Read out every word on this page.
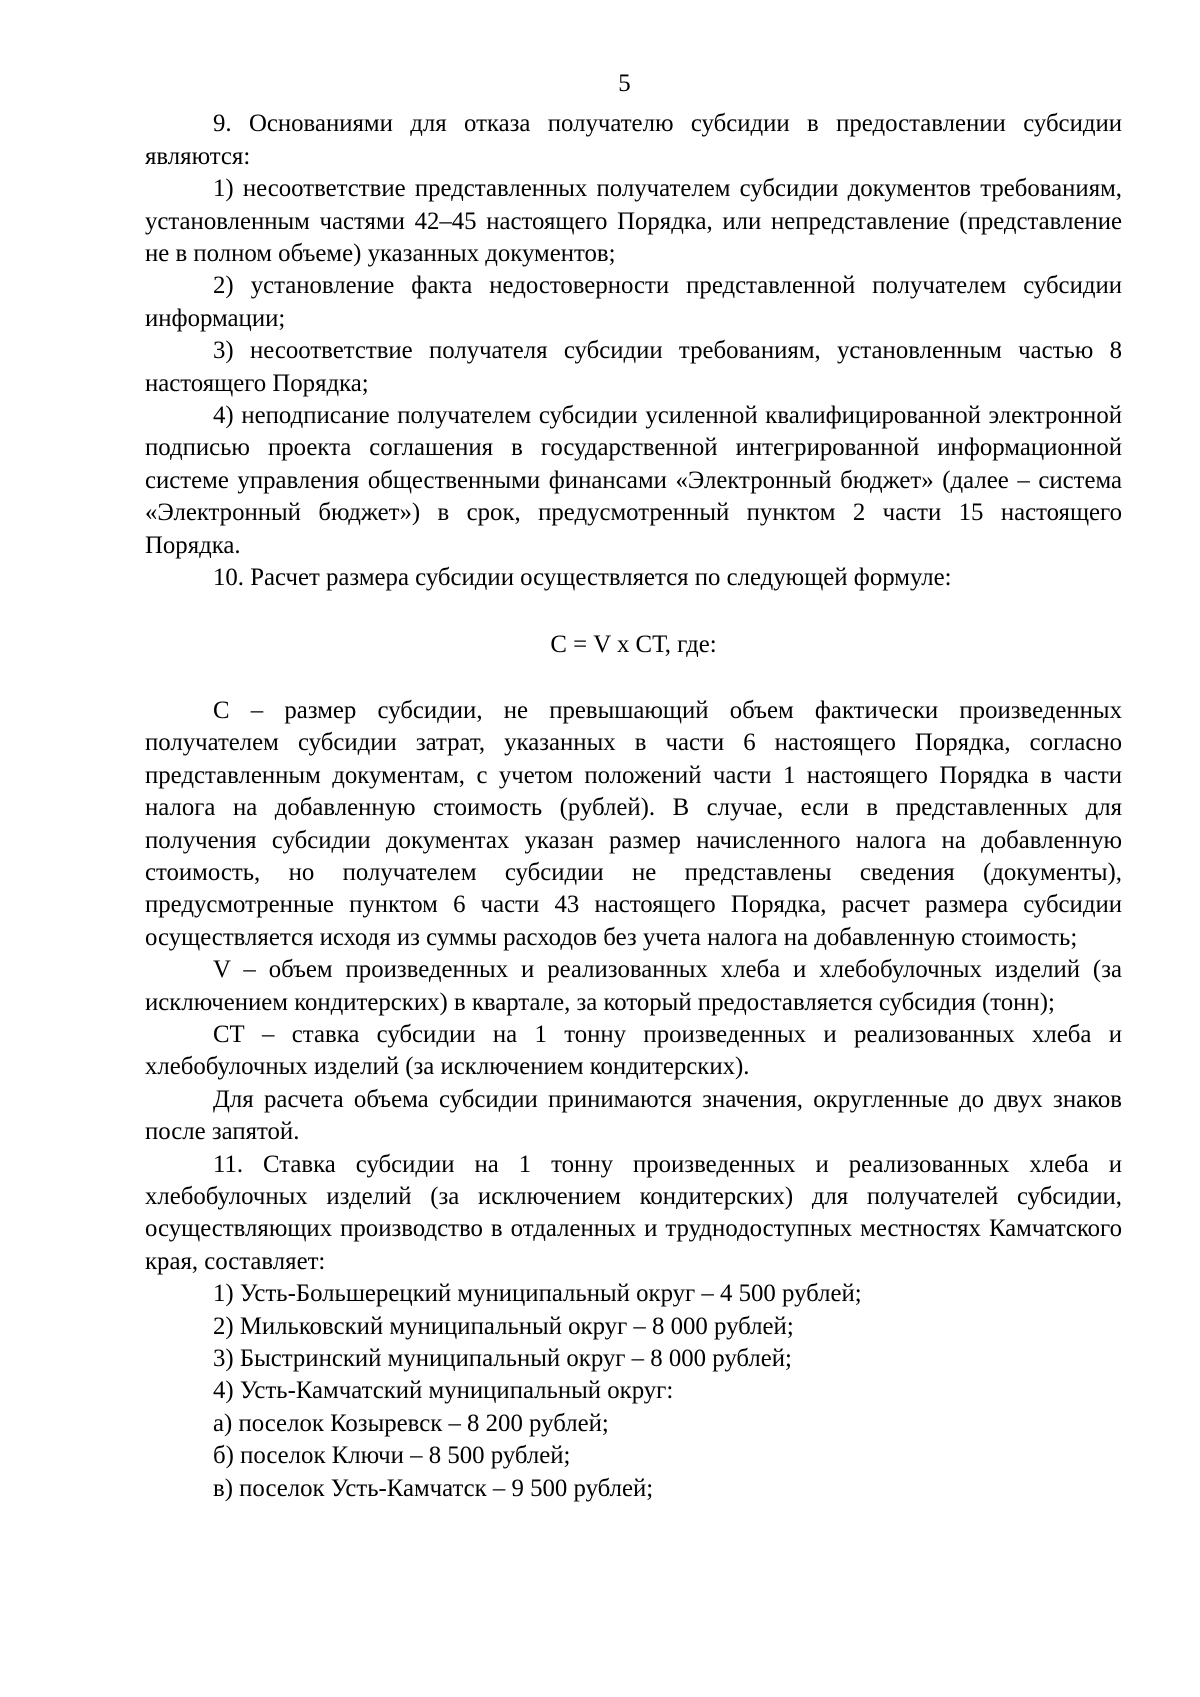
5

9. Основаниями для отказа получателю субсидии в предоставлении субсидии являются:

1) несоответствие представленных получателем субсидии документов требованиям, установленным частями 42–45 настоящего Порядка, или непредставление (представление не в полном объеме) указанных документов;

2) установление факта недостоверности представленной получателем субсидии информации;

3) несоответствие получателя субсидии требованиям, установленным частью 8 настоящего Порядка;

4) неподписание получателем субсидии усиленной квалифицированной электронной подписью проекта соглашения в государственной интегрированной информационной системе управления общественными финансами «Электронный бюджет» (далее – система «Электронный бюджет») в срок, предусмотренный пунктом 2 части 15 настоящего Порядка.

10. Расчет размера субсидии осуществляется по следующей формуле:

С = V x СТ, где:

С – размер субсидии, не превышающий объем фактически произведенных получателем субсидии затрат, указанных в части 6 настоящего Порядка, согласно представленным документам, с учетом положений части 1 настоящего Порядка в части налога на добавленную стоимость (рублей). В случае, если в представленных для получения субсидии документах указан размер начисленного налога на добавленную стоимость, но получателем субсидии не представлены сведения (документы), предусмотренные пунктом 6 части 43 настоящего Порядка, расчет размера субсидии осуществляется исходя из суммы расходов без учета налога на добавленную стоимость;

V – объем произведенных и реализованных хлеба и хлебобулочных изделий (за исключением кондитерских) в квартале, за который предоставляется субсидия (тонн);

СТ – ставка субсидии на 1 тонну произведенных и реализованных хлеба и хлебобулочных изделий (за исключением кондитерских).

Для расчета объема субсидии принимаются значения, округленные до двух знаков после запятой.

11. Ставка субсидии на 1 тонну произведенных и реализованных хлеба и хлебобулочных изделий (за исключением кондитерских) для получателей субсидии, осуществляющих производство в отдаленных и труднодоступных местностях Камчатского края, составляет:

1) Усть-Большерецкий муниципальный округ – 4 500 рублей;

2) Мильковский муниципальный округ – 8 000 рублей;

3) Быстринский муниципальный округ – 8 000 рублей;

4) Усть-Камчатский муниципальный округ:

а) поселок Козыревск – 8 200 рублей;

б) поселок Ключи – 8 500 рублей;

в) поселок Усть-Камчатск – 9 500 рублей;
